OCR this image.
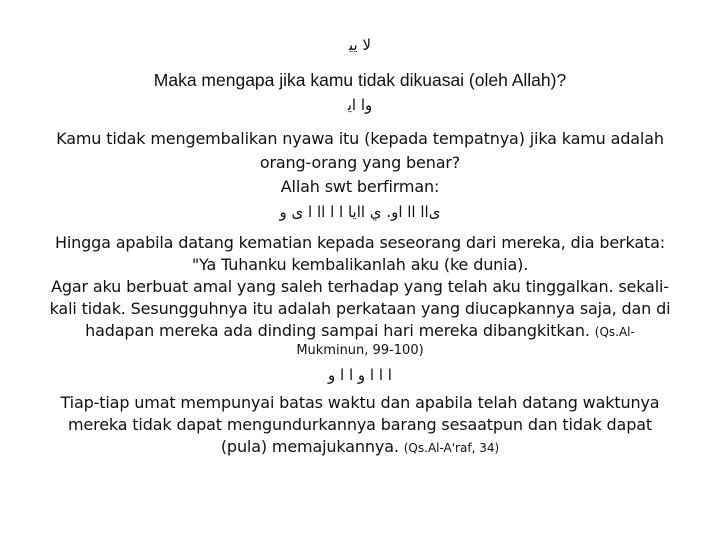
ﻻ ﻳﻴ
Maka mengapa jika kamu tidak dikuasai (oleh Allah)?
ﻭﺍ ﺍﻳ
Kamu tidak mengembalikan nyawa itu (kepada tempatnya) jika kamu adalah
orang-orang yang benar?
Allah swt berfirman:
ﻯﺍﺍ ﺍﺍ ﺍﻭ. ﻱ ﺍﺍﻳﺎ ﺍ ﺍ ﺍﺍ ﺍ ﻯ ﻭ
Hingga apabila datang kematian kepada seseorang dari mereka, dia berkata:
"Ya Tuhanku kembalikanlah aku (ke dunia).
Agar aku berbuat amal yang saleh terhadap yang telah aku tinggalkan. sekali-
kali tidak. Sesungguhnya itu adalah perkataan yang diucapkannya saja, dan di
hadapan mereka ada dinding sampai hari mereka dibangkitkan. (Qs.Al-
Mukminun, 99-100)
ﺍ ﺍ ﺍ ﻭ ﺍ ﺍ ﻭ
Tiap-tiap umat mempunyai batas waktu dan apabila telah datang waktunya
mereka tidak dapat mengundurkannya barang sesaatpun dan tidak dapat
(pula) memajukannya. (Qs.Al-A'raf, 34)
